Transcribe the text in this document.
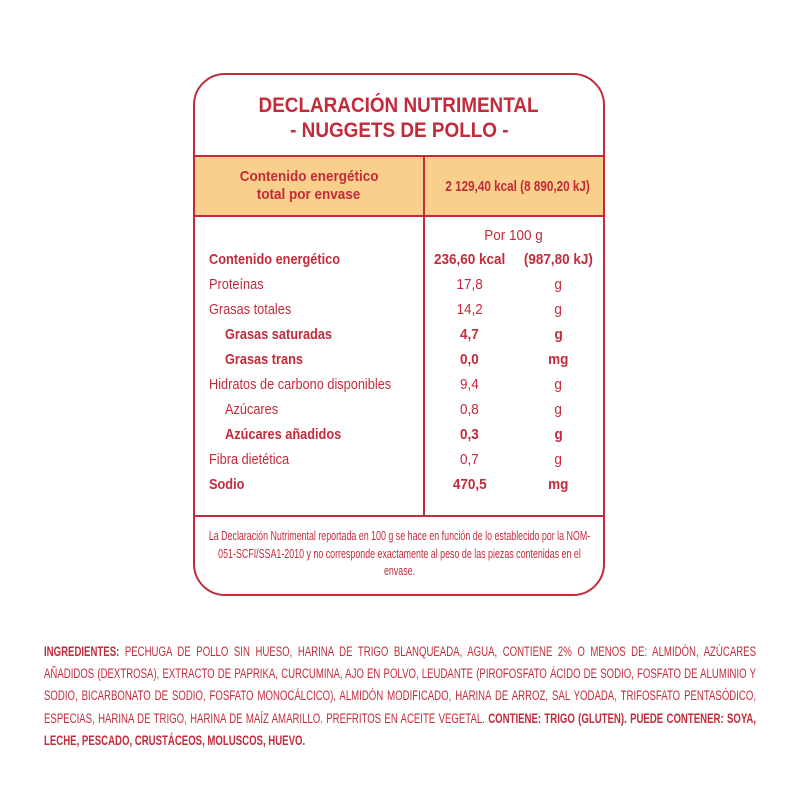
DECLARACIÓN NUTRIMENTAL
- NUGGETS DE POLLO -
Contenido energético
total por envase	2 129,40 kcal (8 890,20 kJ)
Por 100 g
Contenido energético	236,60 kcal (987,80 kJ)
Proteínas	17,8	g
Grasas totales	14,2	g
Grasas saturadas	4,7	g
Grasas trans	0,0	mg
Hidratos de carbono disponibles	9,4	g
Azúcares	0,8	g
Azúcares añadidos	0,3	g
Fibra dietética	0,7	g
Sodio	470,5	mg
La Declaración Nutrimental reportada en 100 g se hace en función de lo establecido por la NOM-051-SCFI/SSA1-2010 y no corresponde exactamente al peso de las piezas contenidas en el envase.

INGREDIENTES: PECHUGA DE POLLO SIN HUESO, HARINA DE TRIGO BLANQUEADA, AGUA, CONTIENE 2% O MENOS DE: ALMIDÓN, AZÚCARES AÑADIDOS (DEXTROSA), EXTRACTO DE PAPRIKA, CURCUMINA, AJO EN POLVO, LEUDANTE (PIROFOSFATO ÁCIDO DE SODIO, FOSFATO DE ALUMINIO Y SODIO, BICARBONATO DE SODIO, FOSFATO MONOCÁLCICO), ALMIDÓN MODIFICADO, HARINA DE ARROZ, SAL YODADA, TRIFOSFATO PENTASÓDICO, ESPECIAS, HARINA DE TRIGO, HARINA DE MAÍZ AMARILLO. PREFRITOS EN ACEITE VEGETAL. CONTIENE: TRIGO (GLUTEN). PUEDE CONTENER: SOYA, LECHE, PESCADO, CRUSTÁCEOS, MOLUSCOS, HUEVO.
